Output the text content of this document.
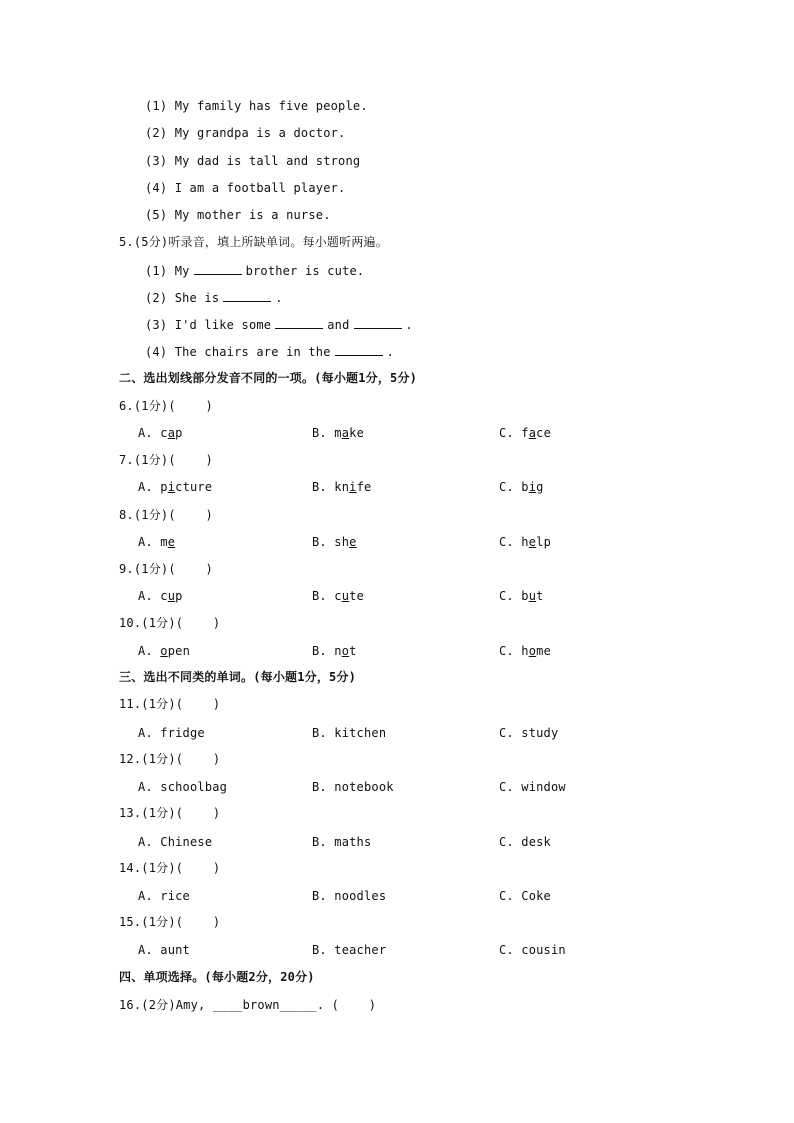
(1) My family has five people.
(2) My grandpa is a doctor.
(3) My dad is tall and strong
(4) I am a football player.
(5) My mother is a nurse.
5.(5分)听录音，填上所缺单词。每小题听两遍。
(1) My	brother is cute.
(2) She is	.
(3) I'd like some	and	.
(4) The chairs are in the	.
二、选出划线部分发音不同的一项。(每小题1分，5分)
6.(1分)(    )
A. cap	B. make	C. face
7.(1分)(    )
A. picture	B. knife	C. big
8.(1分)(    )
A. me	B. she	C. help
9.(1分)(    )
A. cup	B. cute	C. but
10.(1分)(    )
A. open	B. not	C. home
三、选出不同类的单词。(每小题1分，5分)
11.(1分)(    )
A. fridge	B. kitchen	C. study
12.(1分)(    )
A. schoolbag	B. notebook	C. window
13.(1分)(    )
A. Chinese	B. maths	C. desk
14.(1分)(    )
A. rice	B. noodles	C. Coke
15.(1分)(    )
A. aunt	B. teacher	C. cousin
四、单项选择。(每小题2分，20分)
16.(2分)Amy, ____brown_____. (    )
